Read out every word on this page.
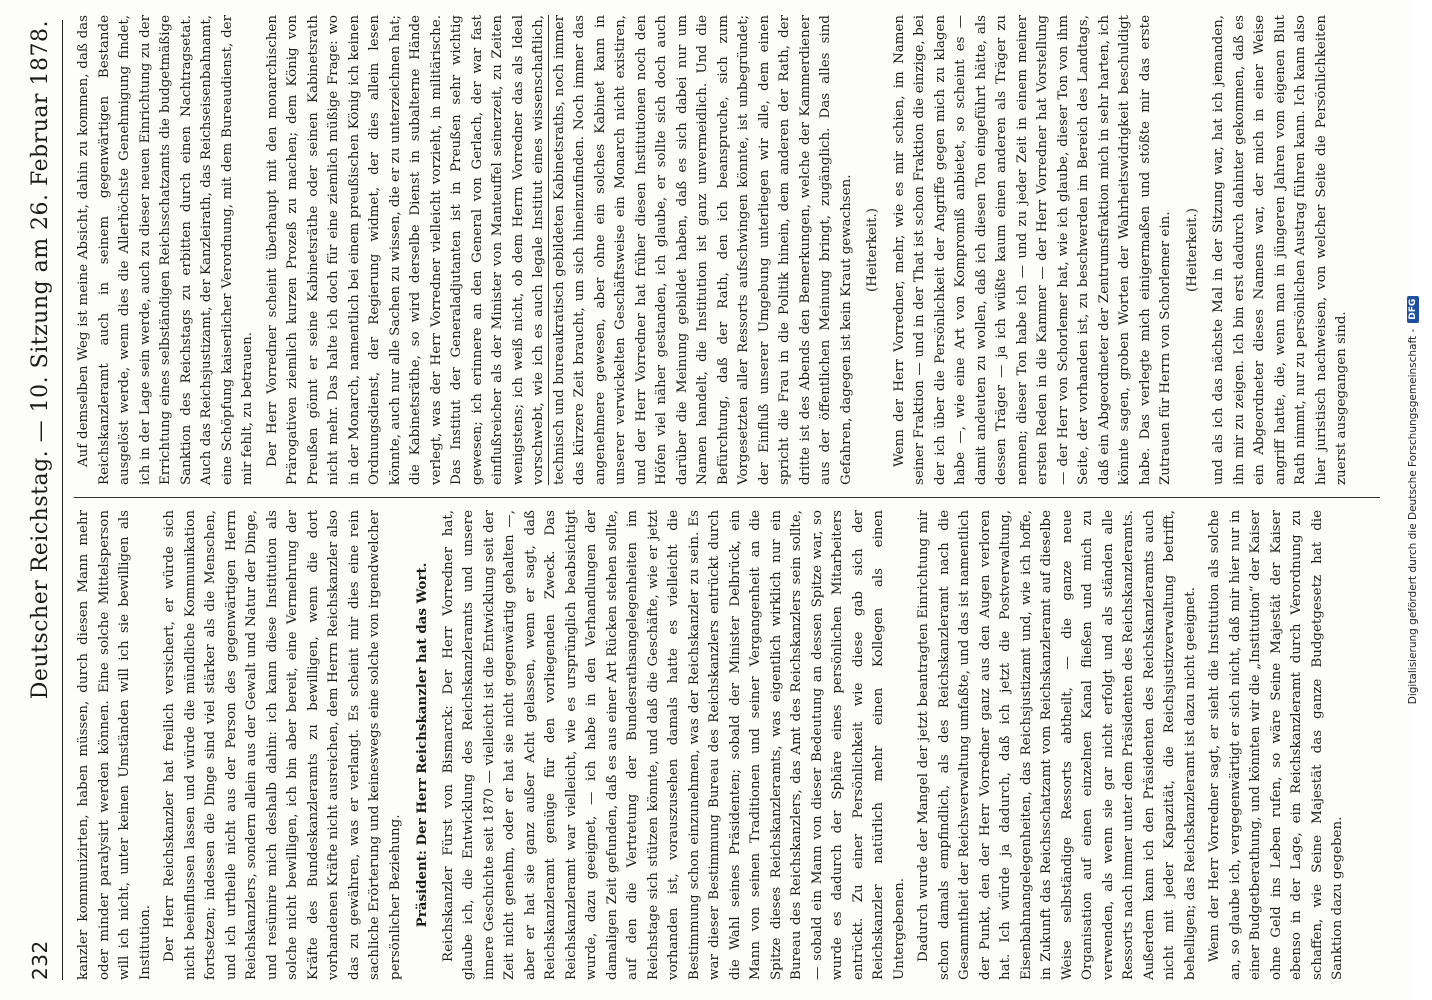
232
Deutscher Reichstag. — 10. Sitzung am 26. Februar 1878.

kanzler kommunizirten, haben müssen, durch diesen Mann mehr oder minder paralysirt werden können. Eine solche Mittelsperson will ich nicht, unter keinen Umständen will ich sie bewilligen als Institution. Der Herr Reichskanzler hat freilich versichert, er würde sich nicht beeinflussen lassen und würde die mündliche Kommunikation fortsetzen; indessen die Dinge sind viel stärker als die Menschen, und ich urtheile nicht aus der Person des gegenwärtigen Herrn Reichskanzlers, sondern allein aus der Gewalt und Natur der Dinge, und resümire mich deshalb dahin: ich kann diese Institution als solche nicht bewilligen, ich bin aber bereit, eine Vermehrung der Kräfte des Bundeskanzleramts zu bewilligen, wenn die dort vorhandenen Kräfte nicht ausreichen, dem Herrn Reichskanzler also das zu gewähren, was er verlangt. Es scheint mir dies eine rein sachliche Erörterung und keineswegs eine solche von irgendwelcher persönlicher Beziehung. Präsident: Der Herr Reichskanzler hat das Wort. Reichskanzler Fürst von Bismarck: Der Herr Vorredner hat, glaube ich, die Entwicklung des Reichskanzleramts und unsere innere Geschichte seit 1870 — vielleicht ist die Entwicklung seit der Zeit nicht genehm, oder er hat sie nicht gegenwärtig gehalten —, aber er hat sie ganz außer Acht gelassen, wenn er sagt, daß Reichskanzleramt genüge für den vorliegenden Zweck. Das Reichskanzleramt war vielleicht, wie es ursprünglich beabsichtigt wurde, dazu geeignet, — ich habe in den Verhandlungen der damaligen Zeit gefunden, daß es aus einer Art Rücken stehen sollte, auf den die Vertretung der Bundesrathsangelegenheiten im Reichstage sich stützen könnte, und daß die Geschäfte, wie er jetzt vorhanden ist, vorauszusehen damals hatte es vielleicht die Bestimmung schon einzunehmen, was der Reichskanzler zu sein. Es war dieser Bestimmung Bureau des Reichskanzlers entrückt durch die Wahl seines Präsidenten; sobald der Minister Delbrück, ein Mann von seinen Traditionen und seiner Vergangenheit an die Spitze dieses Reichskanzleramts, was eigentlich wirklich nur ein Bureau des Reichskanzlers, das Amt des Reichskanzlers sein sollte, — sobald ein Mann von dieser Bedeutung an dessen Spitze war, so wurde es dadurch der Sphäre eines persönlichen Mitarbeiters entrückt. Zu einer Persönlichkeit wie diese gab sich der Reichskanzler natürlich mehr einen Kollegen als einen Untergebenen. Dadurch wurde der Mangel der jetzt beantragten Einrichtung mir schon damals empfindlich, als des Reichskanzleramt nach die Gesammtheit der Reichsverwaltung umfaßte, und das ist namentlich der Punkt, den der Herr Vorredner ganz aus den Augen verloren hat. Ich würde ja dadurch, daß ich jetzt die Postverwaltung, Eisenbahnangelegenheiten, das Reichsjustizamt und, wie ich hoffe, in Zukunft das Reichsschatzamt vom Reichskanzleramt auf dieselbe Weise selbständige Ressorts abtheilt, — die ganze neue Organisation auf einen einzelnen Kanal fließen und mich zu verwenden, als wenn sie gar nicht erfolgt und als ständen alle Ressorts nach immer unter dem Präsidenten des Reichskanzleramts. Außerdem kann ich den Präsidenten des Reichskanzleramts auch nicht mit jeder Kapazität, die Reichsjustizverwaltung betrifft, behelligen; das Reichskanzleramt ist dazu nicht geeignet. Wenn der Herr Vorredner sagt, er sieht die Institution als solche an, so glaube ich, vergegenwärtigt er sich nicht, daß mir hier nur in einer Budgetberathung, und könnten wir die „Institution“ der Kaiser ohne Geld ins Leben rufen, so wäre Seine Majestät der Kaiser ebenso in der Lage, ein Reichskanzleramt durch Verordnung zu schaffen, wie Seine Majestät das ganze Budgetgesetz hat die Sanktion dazu gegeben.

Auf demselben Weg ist meine Absicht, dahin zu kommen, daß das Reichskanzleramt auch in seinem gegenwärtigen Bestande ausgelöst werde, wenn dies die Allerhöchste Genehmigung findet, ich in der Lage sein werde, auch zu dieser neuen Einrichtung zu der Errichtung eines selbständigen Reichsschatzamts die budgetmäßige Sanktion des Reichstags zu erbitten durch einen Nachtragsetat. Auch das Reichsjustizamt, der Kanzleirath, das Reichseisenbahnamt, eine Schöpfung kaiserlicher Verordnung, mit dem Bureaudienst, der mir fehlt, zu betrauen. Der Herr Vorredner scheint überhaupt mit den monarchischen Prärogativen ziemlich kurzen Prozeß zu machen; dem König von Preußen gönnt er seine Kabinetsräthe oder seinen Kabinetsrath nicht mehr. Das halte ich doch für eine ziemlich müßige Frage: wo in der Monarch, namentlich bei einem preußischen König ich keinen Ordnungsdienst, der Regierung widmet, der dies allein lesen könnte, auch nur alle Sachen zu wissen, die er zu unterzeichnen hat; die Kabinetsräthe, so wird derselbe Dienst in subalterne Hände verlegt, was der Herr Vorredner vielleicht vorzieht, in militärische. Das Institut der Generaladjutanten ist in Preußen sehr wichtig gewesen; ich erinnere an den General von Gerlach, der war fast einflußreicher als der Minister von Manteuffel seinerzeit, zu Zeiten wenigstens; ich weiß nicht, ob dem Herrn Vorredner das als Ideal vorschwebt, wie ich es auch legale Institut eines wissenschaftlich, technisch und bureaukratisch gebildeten Kabinetsraths, noch immer das kürzere Zeit braucht, um sich hineinzufinden. Noch immer das angenehmere gewesen, aber ohne ein solches Kabinet kann in unserer verwickelten Geschäftsweise ein Monarch nicht existiren, und der Herr Vorredner hat früher diesen Institutionen noch den Höfen viel näher gestanden, ich glaube, er sollte sich doch auch darüber die Meinung gebildet haben, daß es sich dabei nur um Namen handelt, die Institution ist ganz unvermeidlich. Und die Befürchtung, daß der Rath, den ich beanspruche, sich zum Vorgesetzten aller Ressorts aufschwingen könnte, ist unbegründet; der Einfluß unserer Umgebung unterliegen wir alle, dem einen spricht die Frau in die Politik hinein, dem anderen der Rath, der dritte ist des Abends den Bemerkungen, welche der Kammerdiener aus der öffentlichen Meinung bringt, zugänglich. Das alles sind Gefahren, dagegen ist kein Kraut gewachsen. (Heiterkeit.) Wenn der Herr Vorredner, mehr, wie es mir schien, im Namen seiner Fraktion — und in der That ist schon Fraktion die einzige, bei der ich über die Persönlichkeit der Angriffe gegen mich zu klagen habe —, wie eine Art von Kompromiß anbietet, so scheint es — damit andeuten zu wollen, daß ich diesen Ton eingeführt hätte, als dessen Träger — ja ich wüßte kaum einen anderen als Träger zu nennen; dieser Ton habe ich — und zu jeder Zeit in einem meiner ersten Reden in die Kammer — der Herr Vorredner hat Vorstellung — der Herr von Schorlemer hat, wie ich glaube, dieser Ton von ihm Seite, der vorhanden ist, zu beschwerden im Bereich des Landtags, daß ein Abgeordneter der Zentrumsfraktion mich in sehr harten, ich könnte sagen, groben Worten der Wahrheitswidrigkeit beschuldigt habe. Das verlegte mich einigermaßen und stößte mir das erste Zutrauen für Herrn von Schorlemer ein. (Heiterkeit.) und als ich das nächste Mal in der Sitzung war, hat ich jemanden, ihn mir zu zeigen. Ich bin erst dadurch dahinter gekommen, daß es ein Abgeordneter dieses Namens war, der mich in einer Weise angriff hatte, die, wenn man in jüngeren Jahren vom eigenen Blut Rath nimmt, nur zu persönlichen Austrag führen kann. Ich kann also hier juristisch nachweisen, von welcher Seite die Persönlichkeiten zuerst ausgegangen sind.	Digitalisierung gefördert durch die Deutsche Forschungsgemeinschaft -
DFG
